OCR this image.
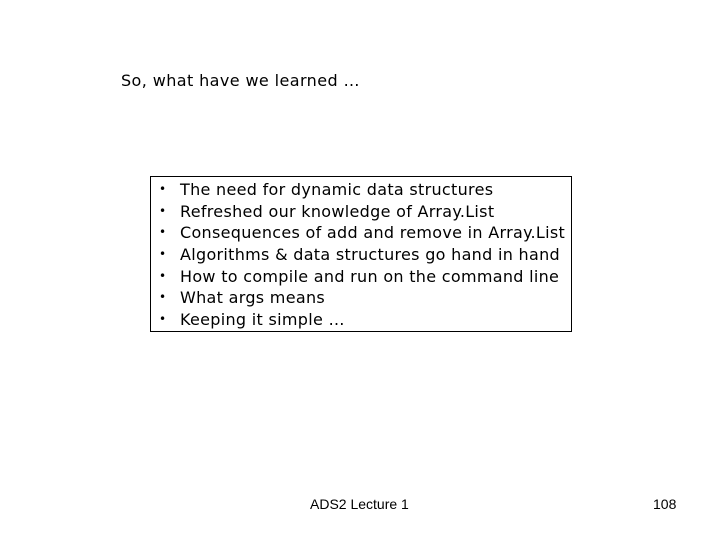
So, what have we learned …
• The need for dynamic data structures
• Refreshed our knowledge of Array.List
• Consequences of add and remove in Array.List
• Algorithms & data structures go hand in hand
• How to compile and run on the command line
• What args means
• Keeping it simple …
ADS2 Lecture 1	108
